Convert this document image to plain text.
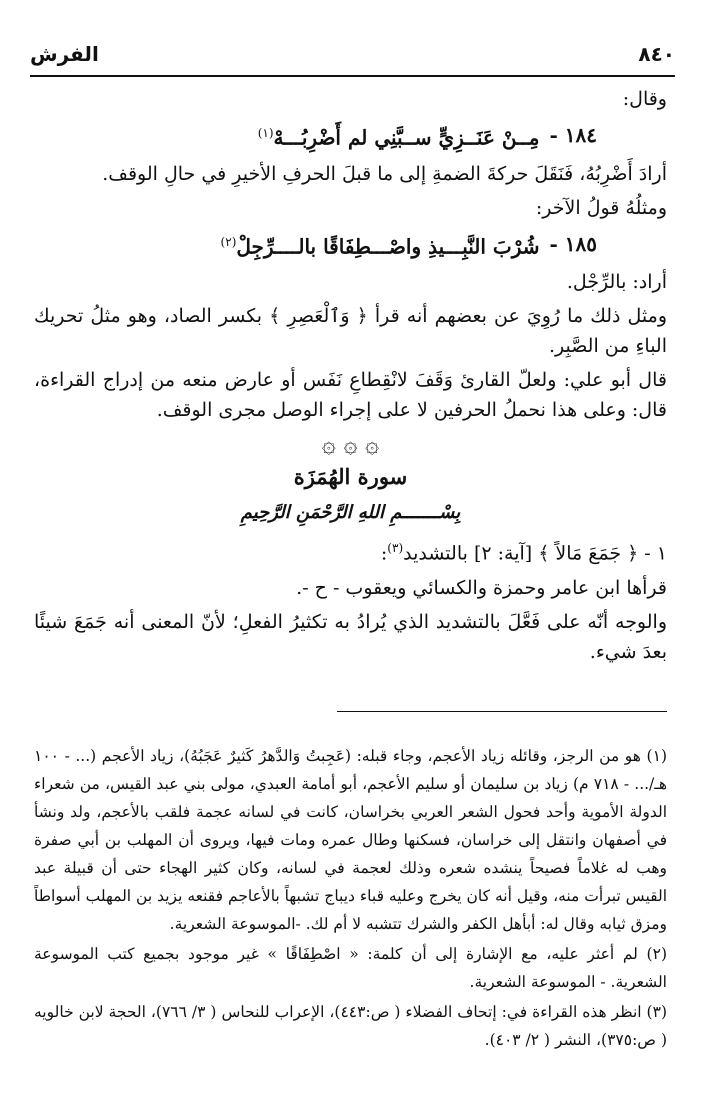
٨٤٠
الفرش

وقال:

١٨٤ -
مِــنْ عَنَــزِيٍّ ســبَّنِي لم أَضْرِبُـــهْ$^{(١)}$

أرادَ أَضْرِبُهُ، فَنَقَلَ حركةَ الضمةِ إلى ما قبلَ الحرفِ الأخيرِ في حالِ الوقف.

ومثلُهُ قولُ الآخر:

١٨٥ -
شُرْبَ النَّبِـــيذِ واصْـــطِفَاقًا بالــــرِّجِلْ$^{(٢)}$

أراد: بالرِّجْل.

ومثل ذلك ما رُوِيَ عن بعضهم أنه قرأ ﴿ وَٱلْعَصِرِ ﴾ بكسر الصاد، وهو مثلُ تحريك الباءِ من الصَّبِر.

قال أبو علي: ولعلّ القارئ وَقَفَ لانْقِطاعِ نَفَس أو عارض منعه من إدراج القراءة، قال: وعلى هذا نحملُ الحرفين لا على إجراء الوصل مجرى الوقف.

۞ ۞ ۞
سورة الهُمَزَة
بِسْـــــــمِ اللهِ الرَّحْمَنِ الرَّحِيمِ

١ - ﴿ جَمَعَ مَالاً ﴾ [آية: ٢] بالتشديد$^{(٣)}$:

قرأها ابن عامر وحمزة والكسائي ويعقوب - ح -.

والوجه أنّه على فَعَّلَ بالتشديد الذي يُرادُ به تكثيرُ الفعلِ؛ لأنّ المعنى أنه جَمَعَ شيئًا بعدَ شيء.

(١) هو من الرجز، وقائله زياد الأعجم، وجاء قبله: (عَجِبتُ وَالدَّهرُ كَثيرٌ عَجَبُهُ)، زياد الأعجم (... - ١٠٠ هـ/... - ٧١٨ م) زياد بن سليمان أو سليم الأعجم، أبو أمامة العبدي، مولى بني عبد القيس، من شعراء الدولة الأموية وأحد فحول الشعر العربي بخراسان، كانت في لسانه عجمة فلقب بالأعجم، ولد ونشأ في أصفهان وانتقل إلى خراسان، فسكنها وطال عمره ومات فيها، ويروى أن المهلب بن أبي صفرة وهب له غلاماً فصيحاً ينشده شعره وذلك لعجمة في لسانه، وكان كثير الهجاء حتى أن قبيلة عبد القيس تبرأت منه، وقيل أنه كان يخرج وعليه قباء ديباج تشبهاً بالأعاجم فقنعه يزيد بن المهلب أسواطاً ومزق ثيابه وقال له: أبأهل الكفر والشرك تتشبه لا أم لك. -الموسوعة الشعرية.

(٢) لم أعثر عليه، مع الإشارة إلى أن كلمة: « اصْطِفَاقًا » غير موجود بجميع كتب الموسوعة الشعرية. - الموسوعة الشعرية.

(٣) انظر هذه القراءة في: إتحاف الفضلاء ( ص:٤٤٣)، الإعراب للنحاس ( ٣/ ٧٦٦)، الحجة لابن خالويه ( ص:٣٧٥)، النشر ( ٢/ ٤٠٣).
